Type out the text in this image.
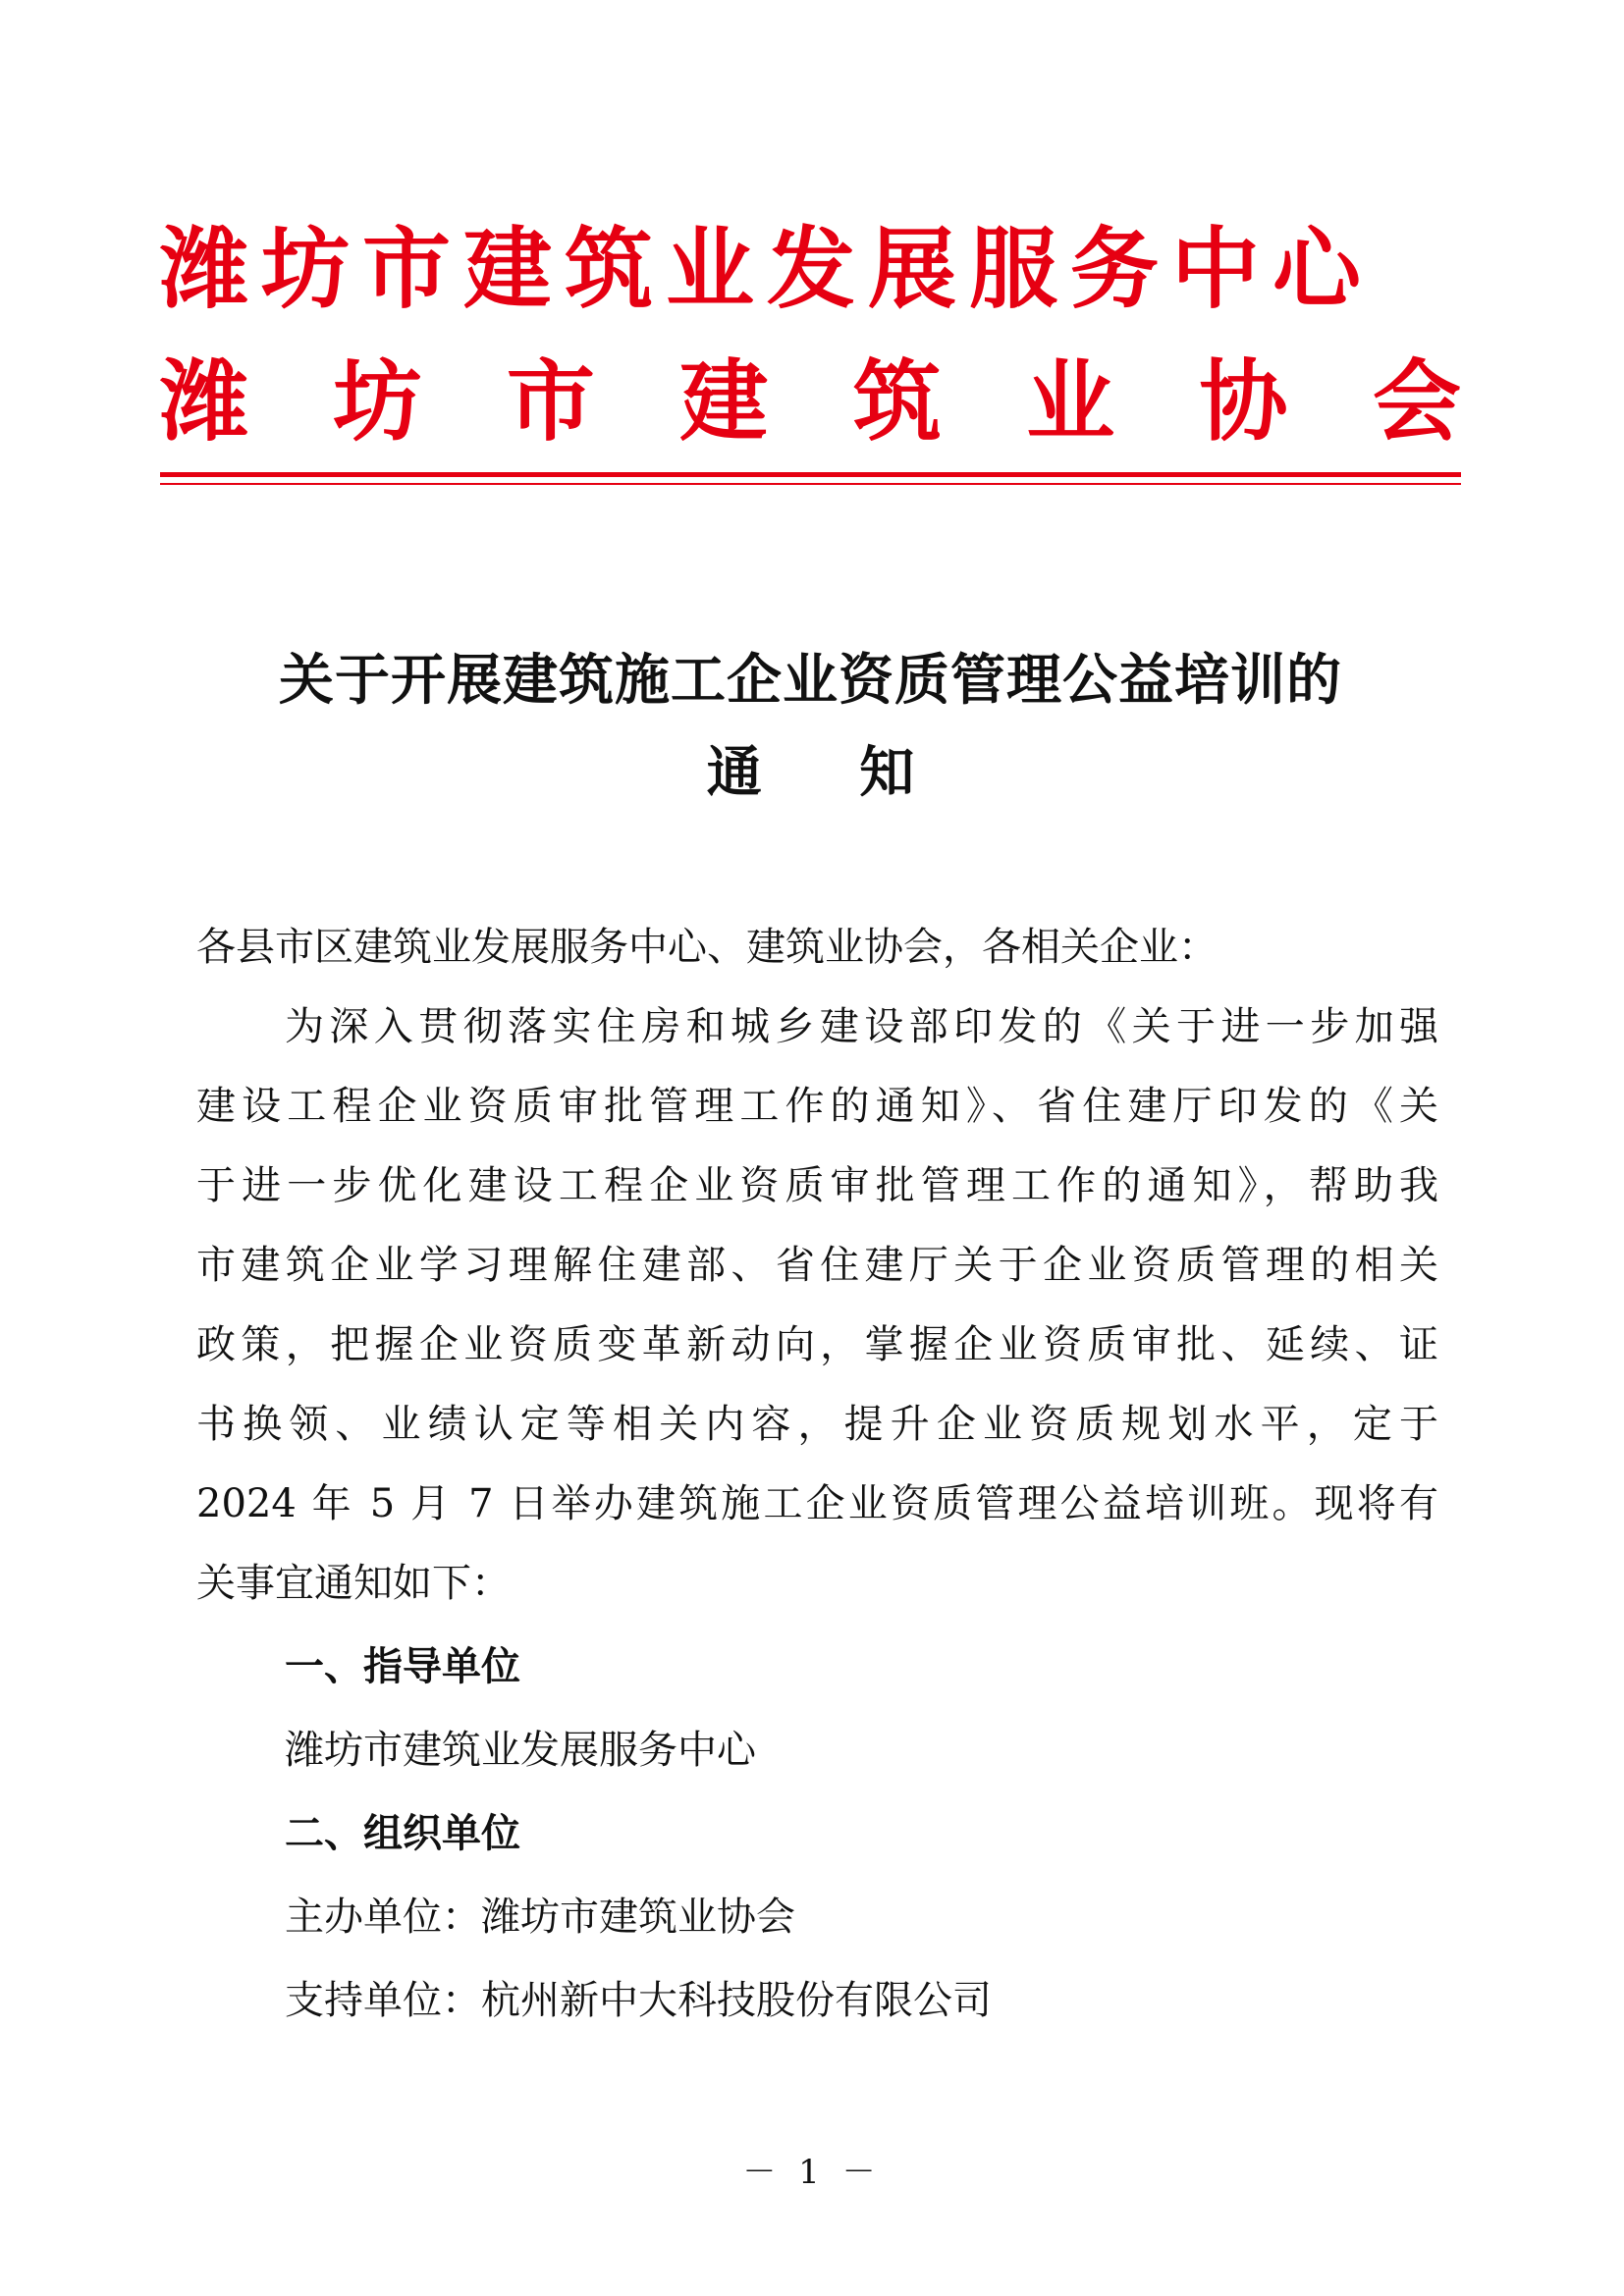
潍坊市建筑业发展服务中心
潍 坊 市 建 筑 业 协 会
关于开展建筑施工企业资质管理公益培训的
通 知
各县市区建筑业发展服务中心、建筑业协会，各相关企业：
为深入贯彻落实住房和城乡建设部印发的《关于进一步加强
建设工程企业资质审批管理工作的通知》、省住建厅印发的《关
于进一步优化建设工程企业资质审批管理工作的通知》，帮助我
市建筑企业学习理解住建部、省住建厅关于企业资质管理的相关
政策，把握企业资质变革新动向，掌握企业资质审批、延续、证
书换领、业绩认定等相关内容，提升企业资质规划水平，定于
2024 年 5 月 7 日举办建筑施工企业资质管理公益培训班。现将有
关事宜通知如下：
一、指导单位
潍坊市建筑业发展服务中心
二、组织单位
主办单位：潍坊市建筑业协会
支持单位：杭州新中大科技股份有限公司
－ 1 －
